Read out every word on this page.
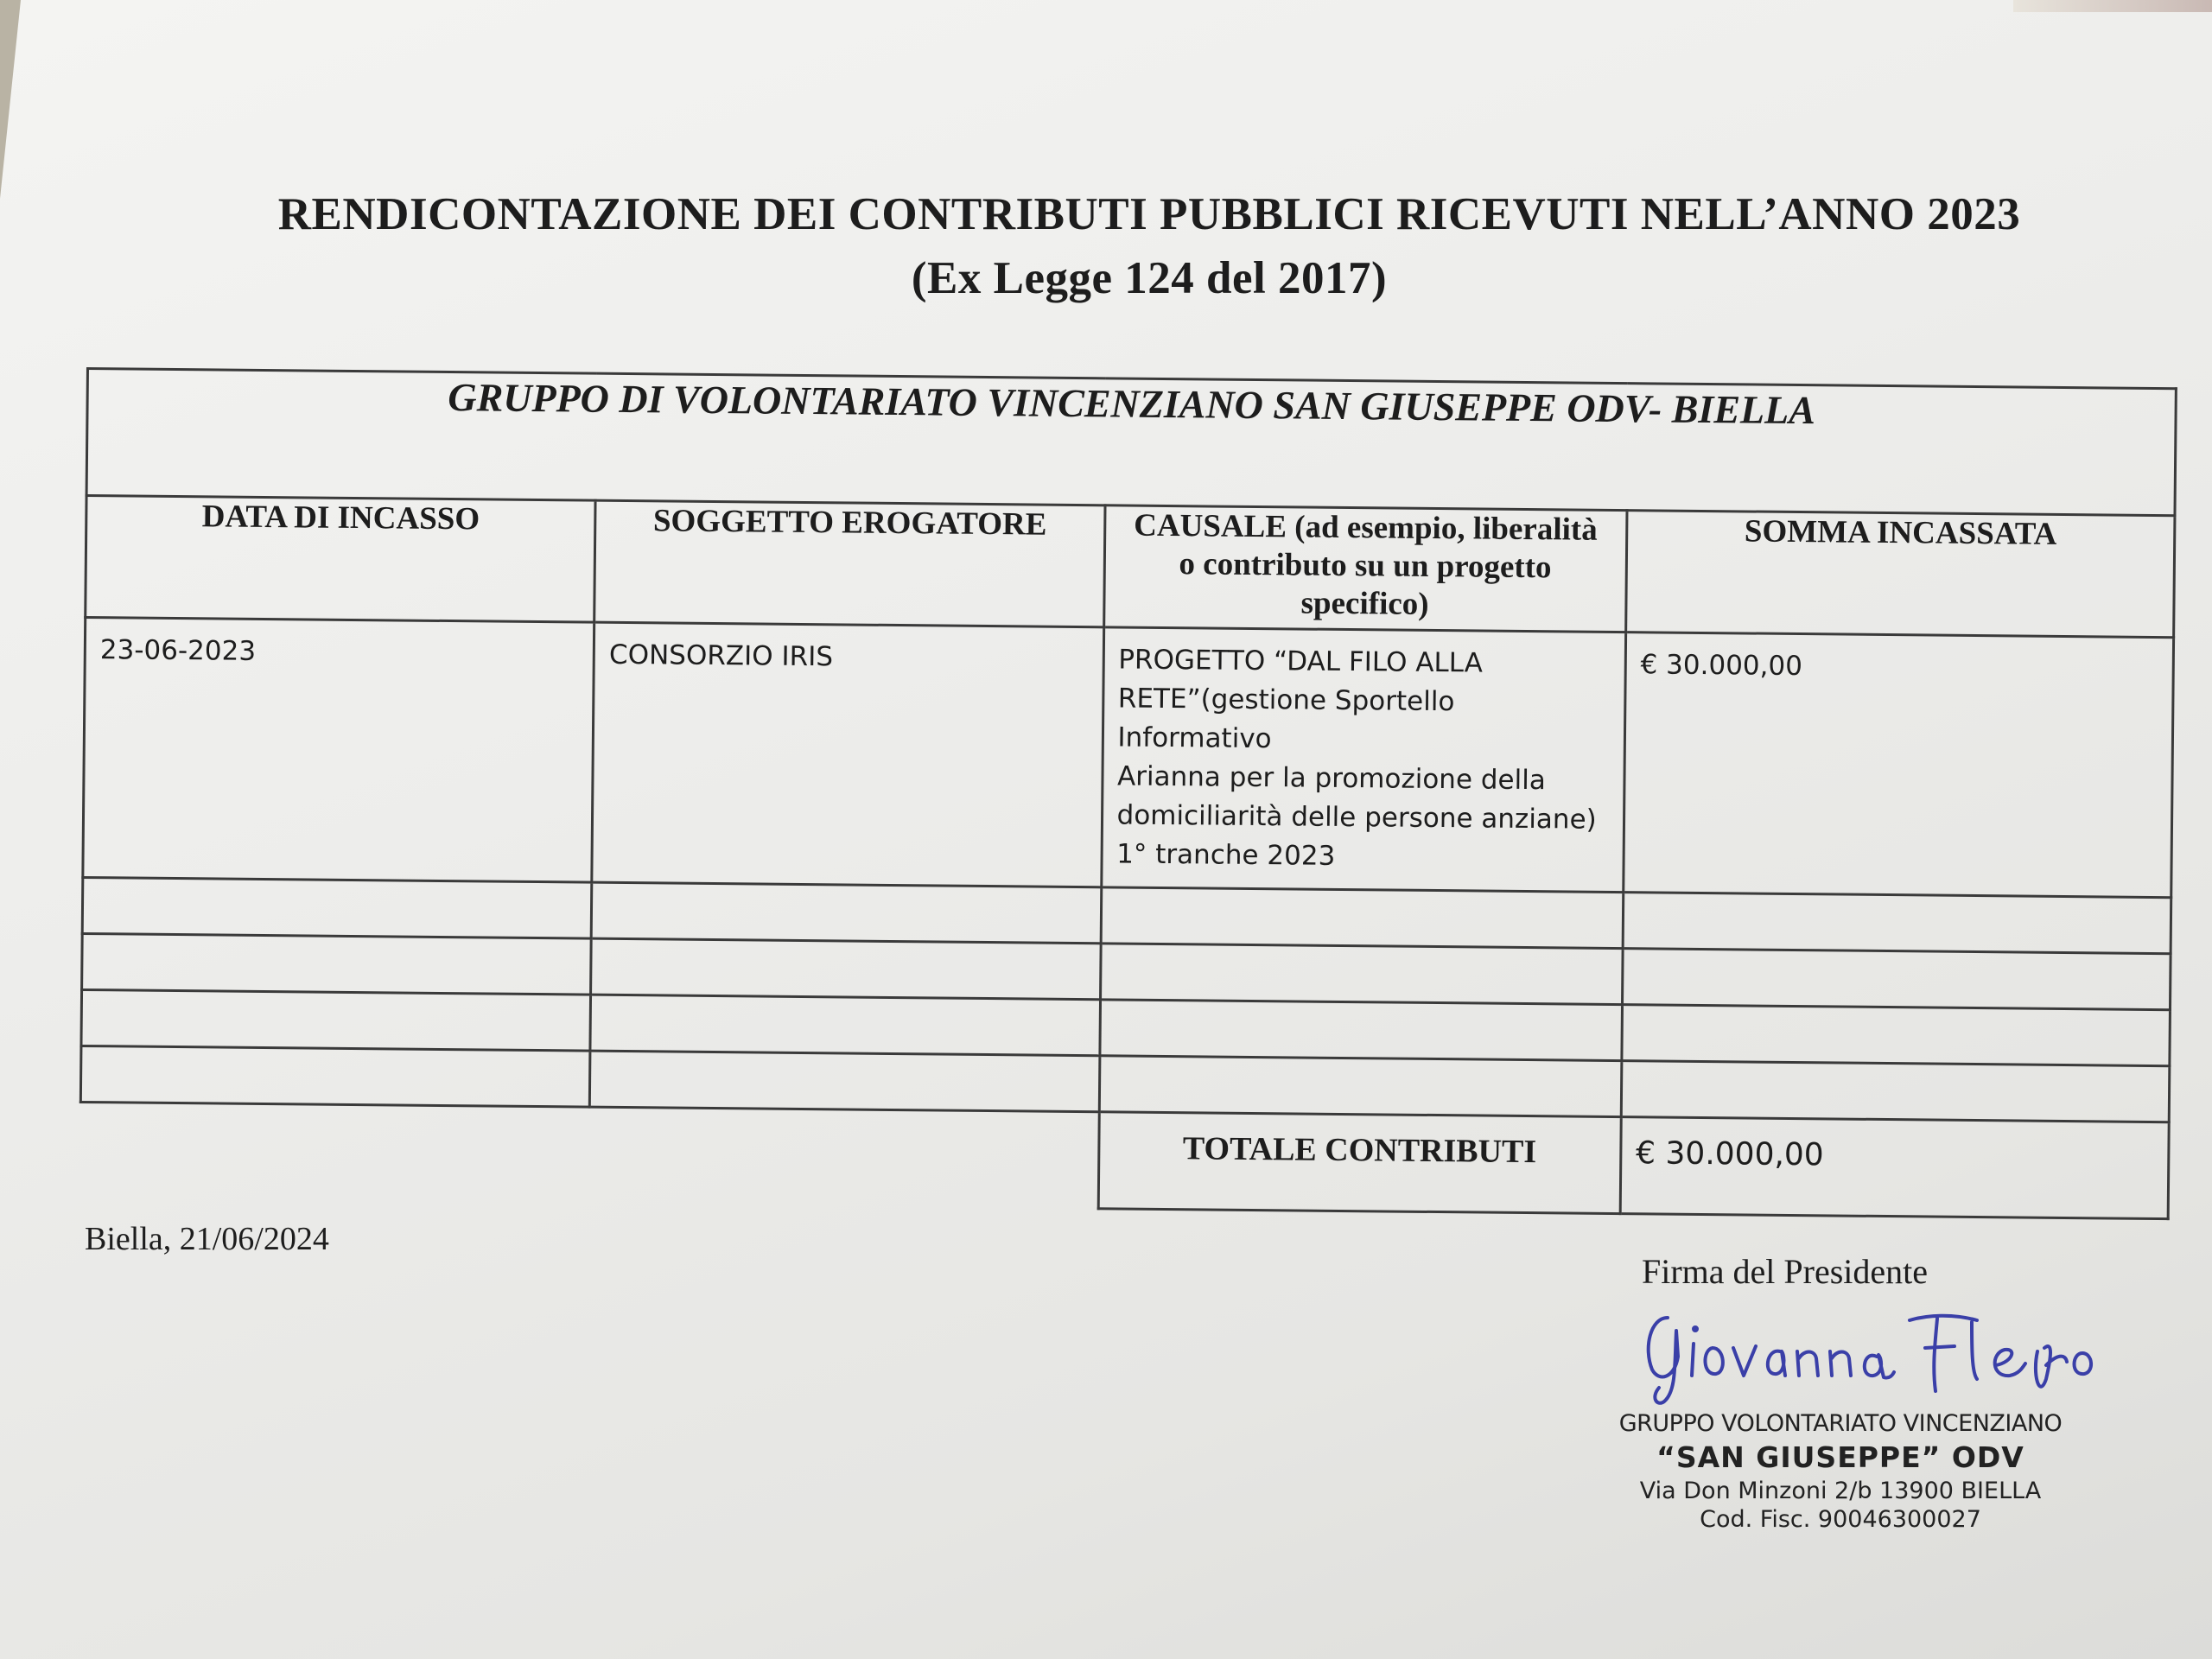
RENDICONTAZIONE DEI CONTRIBUTI PUBBLICI RICEVUTI NELL’ANNO 2023
(Ex Legge 124 del 2017)
GRUPPO DI VOLONTARIATO VINCENZIANO SAN GIUSEPPE ODV- BIELLA			
DATA DI INCASSO	SOGGETTO EROGATORE	CAUSALE (ad esempio, liberalità o contributo su un progetto specifico)	SOMMA INCASSATA
23-06-2023	CONSORZIO IRIS	PROGETTO “DAL FILO ALLA
RETE”(gestione Sportello Informativo
Arianna per la promozione della
domiciliarità delle persone anziane)
1° tranche 2023	€ 30.000,00

		TOTALE CONTRIBUTI	€ 30.000,00
Biella, 21/06/2024
Firma del Presidente
GRUPPO VOLONTARIATO VINCENZIANO
“SAN GIUSEPPE” ODV
Via Don Minzoni 2/b 13900 BIELLA
Cod. Fisc. 90046300027
